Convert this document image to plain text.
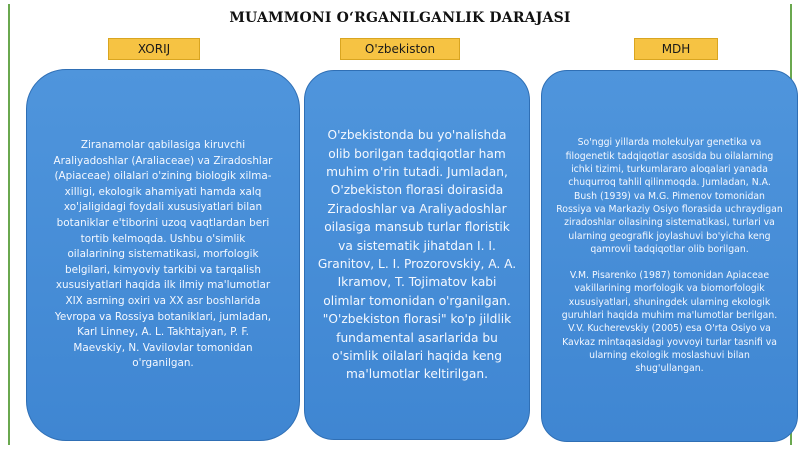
MUAMMONI O‘RGANILGANLIK DARAJASI
XORIJ	O'zbekiston	MDH

Ziranamolar qabilasiga kiruvchi Araliyadoshlar (Araliaceae) va Ziradoshlar (Apiaceae) oilalari o'zining biologik xilma-xilligi, ekologik ahamiyati hamda xalq xo'jaligidagi foydali xususiyatlari bilan botaniklar e'tiborini uzoq vaqtlardan beri tortib kelmoqda. Ushbu o'simlik oilalarining sistematikasi, morfologik belgilari, kimyoviy tarkibi va tarqalish xususiyatlari haqida ilk ilmiy ma'lumotlar XIX asrning oxiri va XX asr boshlarida Yevropa va Rossiya botaniklari, jumladan, Karl Linney, A. L. Takhtajyan, P. F. Maevskiy, N. Vavilovlar tomonidan o'rganilgan.

O'zbekistonda bu yo'nalishda olib borilgan tadqiqotlar ham muhim o'rin tutadi. Jumladan, O'zbekiston florasi doirasida Ziradoshlar va Araliyadoshlar oilasiga mansub turlar floristik va sistematik jihatdan I. I. Granitov, L. I. Prozorovskiy, A. A. Ikramov, T. Tojimatov kabi olimlar tomonidan o'rganilgan. "O'zbekiston florasi" ko'p jildlik fundamental asarlarida bu o'simlik oilalari haqida keng ma'lumotlar keltirilgan.

So'nggi yillarda molekulyar genetika va filogenetik tadqiqotlar asosida bu oilalarning ichki tizimi, turkumlararo aloqalari yanada chuqurroq tahlil qilinmoqda. Jumladan, N.A. Bush (1939) va M.G. Pimenov tomonidan Rossiya va Markaziy Osiyo florasida uchraydigan ziradoshlar oilasining sistematikasi, turlari va ularning geografik joylashuvi bo'yicha keng qamrovli tadqiqotlar olib borilgan.

V.M. Pisarenko (1987) tomonidan Apiaceae vakillarining morfologik va biomorfologik xususiyatlari, shuningdek ularning ekologik guruhlari haqida muhim ma'lumotlar berilgan. V.V. Kucherevskiy (2005) esa O'rta Osiyo va Kavkaz mintaqasidagi yovvoyi turlar tasnifi va ularning ekologik moslashuvi bilan shug'ullangan.
